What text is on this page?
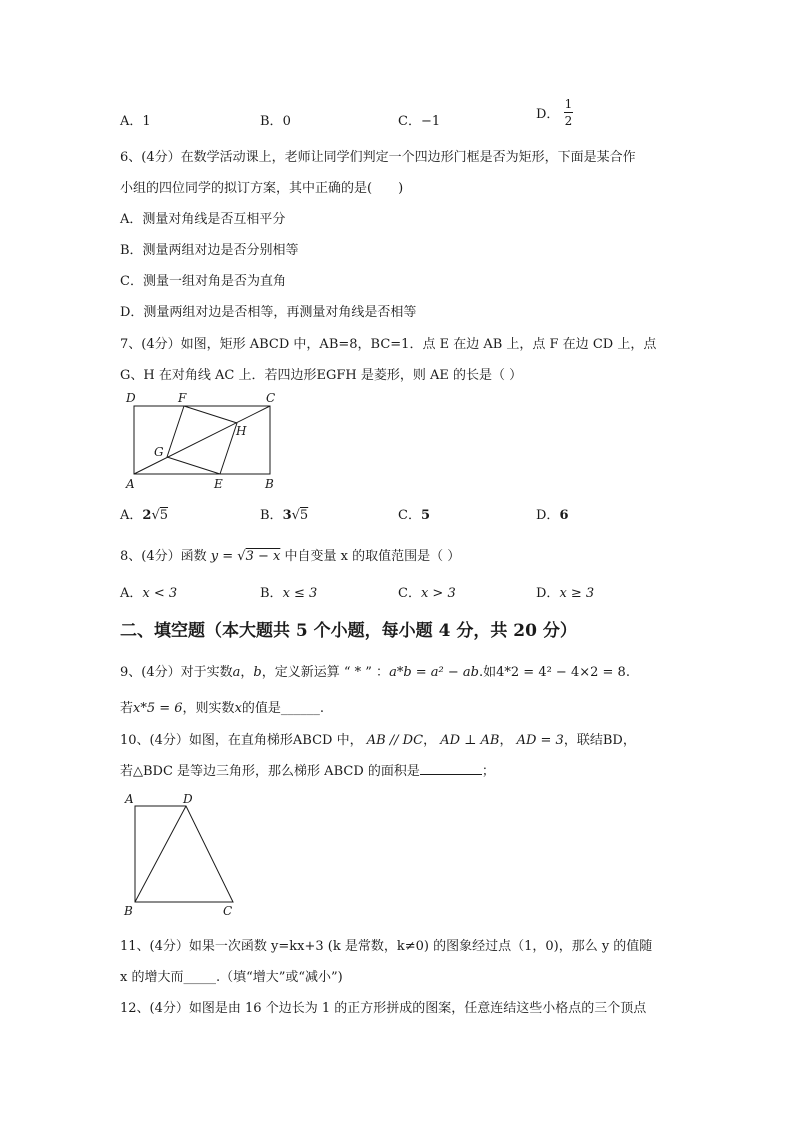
A．1	B．0	C．−1	D． $\frac{1}{2}$
6、(4分）在数学活动课上，老师让同学们判定一个四边形门框是否为矩形，下面是某合作
小组的四位同学的拟订方案，其中正确的是(　　)
A．测量对角线是否互相平分
B．测量两组对边是否分别相等
C．测量一组对角是否为直角
D．测量两组对边是否相等，再测量对角线是否相等
7、(4分）如图，矩形 ABCD 中，AB=8，BC=1．点 E 在边 AB 上，点 F 在边 CD 上，点
G、H 在对角线 AC 上．若四边形EGFH 是菱形，则 AE 的长是（ ）
D	F	C
H
G
A	E	B
A．2√5	B．3√5	C．5	D．6
8、(4分）函数 y = √3 − x 中自变量 x 的取值范围是（ ）
A．x < 3	B．x ≤ 3	C．x > 3	D．x ≥ 3
二、填空题（本大题共 5 个小题，每小题 4 分，共 20 分）
9、(4分）对于实数a，b，定义新运算 “ * ” ：a*b = a² − ab.如4*2 = 4² − 4×2 = 8.
若x*5 = 6，则实数x的值是______.
10、(4分）如图，在直角梯形ABCD 中， AB // DC， AD ⊥ AB， AD = 3，联结BD，
若△BDC 是等边三角形，那么梯形 ABCD 的面积是	；
A	D
B	C
11、(4分）如果一次函数 y=kx+3 (k 是常数，k≠0) 的图象经过点（1，0)，那么 y 的值随
x 的增大而_____.（填“增大”或“减小”)
12、(4分）如图是由 16 个边长为 1 的正方形拼成的图案，任意连结这些小格点的三个顶点
